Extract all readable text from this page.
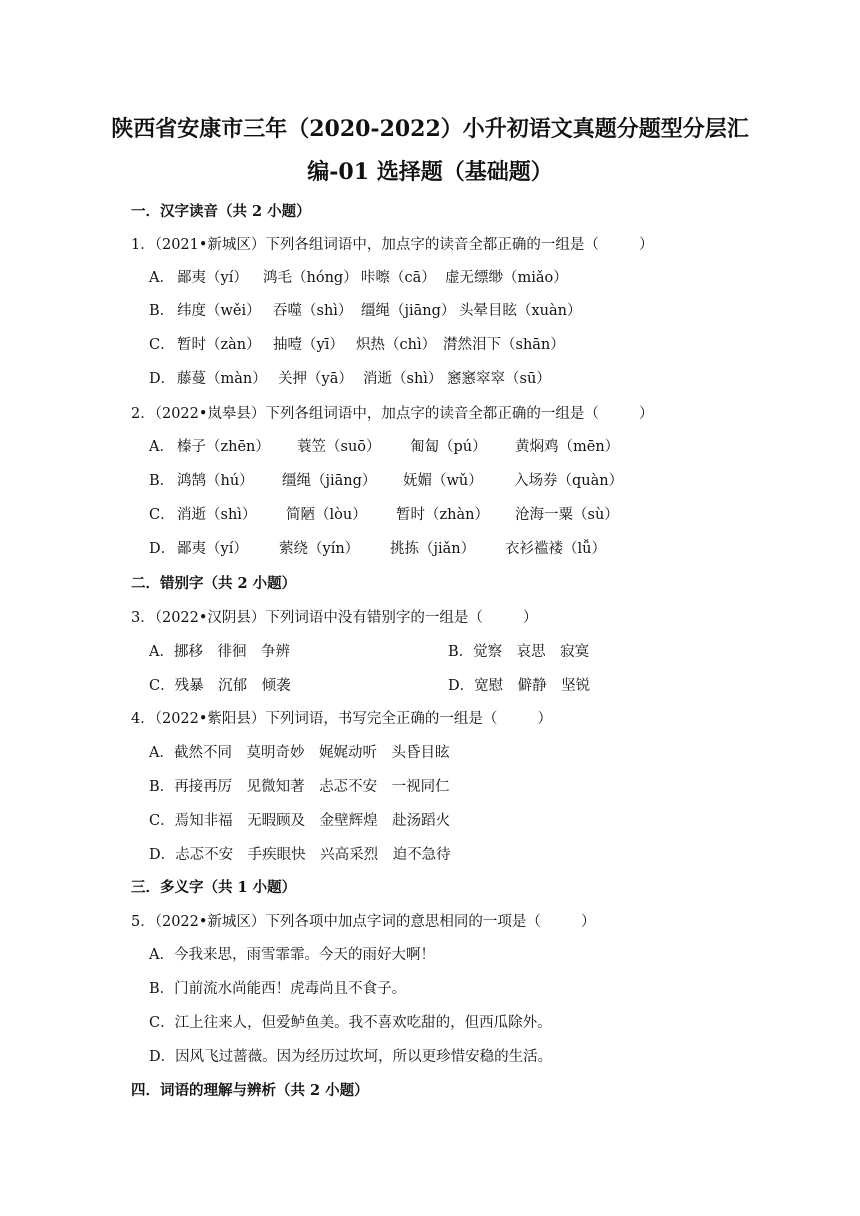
陕西省安康市三年（2020-2022）小升初语文真题分题型分层汇
编-01 选择题（基础题）
一．汉字读音（共 2 小题）
1．（2021•新城区）下列各组词语中，加点字的读音全都正确的一组是（	）
A． 鄙夷（yí） 鸿毛（hóng） 咔嚓（cā） 虚无缥缈（miǎo）
B． 纬度（wěi） 吞噬（shì） 缰绳（jiāng） 头晕目眩（xuàn）
C． 暂时（zàn） 抽噎（yī） 炽热（chì） 潸然泪下（shān）
D． 藤蔓（màn） 关押（yā） 消逝（shì） 窸窸窣窣（sū）
2．（2022•岚皋县）下列各组词语中，加点字的读音全都正确的一组是（	）
A． 榛子（zhēn） 蓑笠（suō） 匍匐（pú） 黄焖鸡（mēn）
B． 鸿鹄（hú） 缰绳（jiāng） 妩媚（wǔ） 入场券（quàn）
C． 消逝（shì） 简陋（lòu） 暂时（zhàn） 沧海一粟（sù）
D． 鄙夷（yí） 萦绕（yín） 挑拣（jiǎn） 衣衫褴褛（lǚ）
二．错别字（共 2 小题）
3．（2022•汉阴县）下列词语中没有错别字的一组是（	）
A．挪移　徘徊　争辨	B．觉察　哀思　寂寞
C．残暴　沉郁　倾袭	D．宽慰　僻静　坚锐
4．（2022•紫阳县）下列词语，书写完全正确的一组是（	）
A．截然不同　莫明奇妙　娓娓动听　头昏目眩
B．再接再厉　见微知著　忐忑不安　一视同仁
C．焉知非福　无暇顾及　金壁辉煌　赴汤蹈火
D．忐忑不安　手疾眼快　兴高采烈　迫不急待
三．多义字（共 1 小题）
5．（2022•新城区）下列各项中加点字词的意思相同的一项是（	）
A．今我来思，雨雪霏霏。今天的雨好大啊！
B．门前流水尚能西！虎毒尚且不食子。
C．江上往来人，但爱鲈鱼美。我不喜欢吃甜的，但西瓜除外。
D．因风飞过蔷薇。因为经历过坎坷，所以更珍惜安稳的生活。
四．词语的理解与辨析（共 2 小题）
